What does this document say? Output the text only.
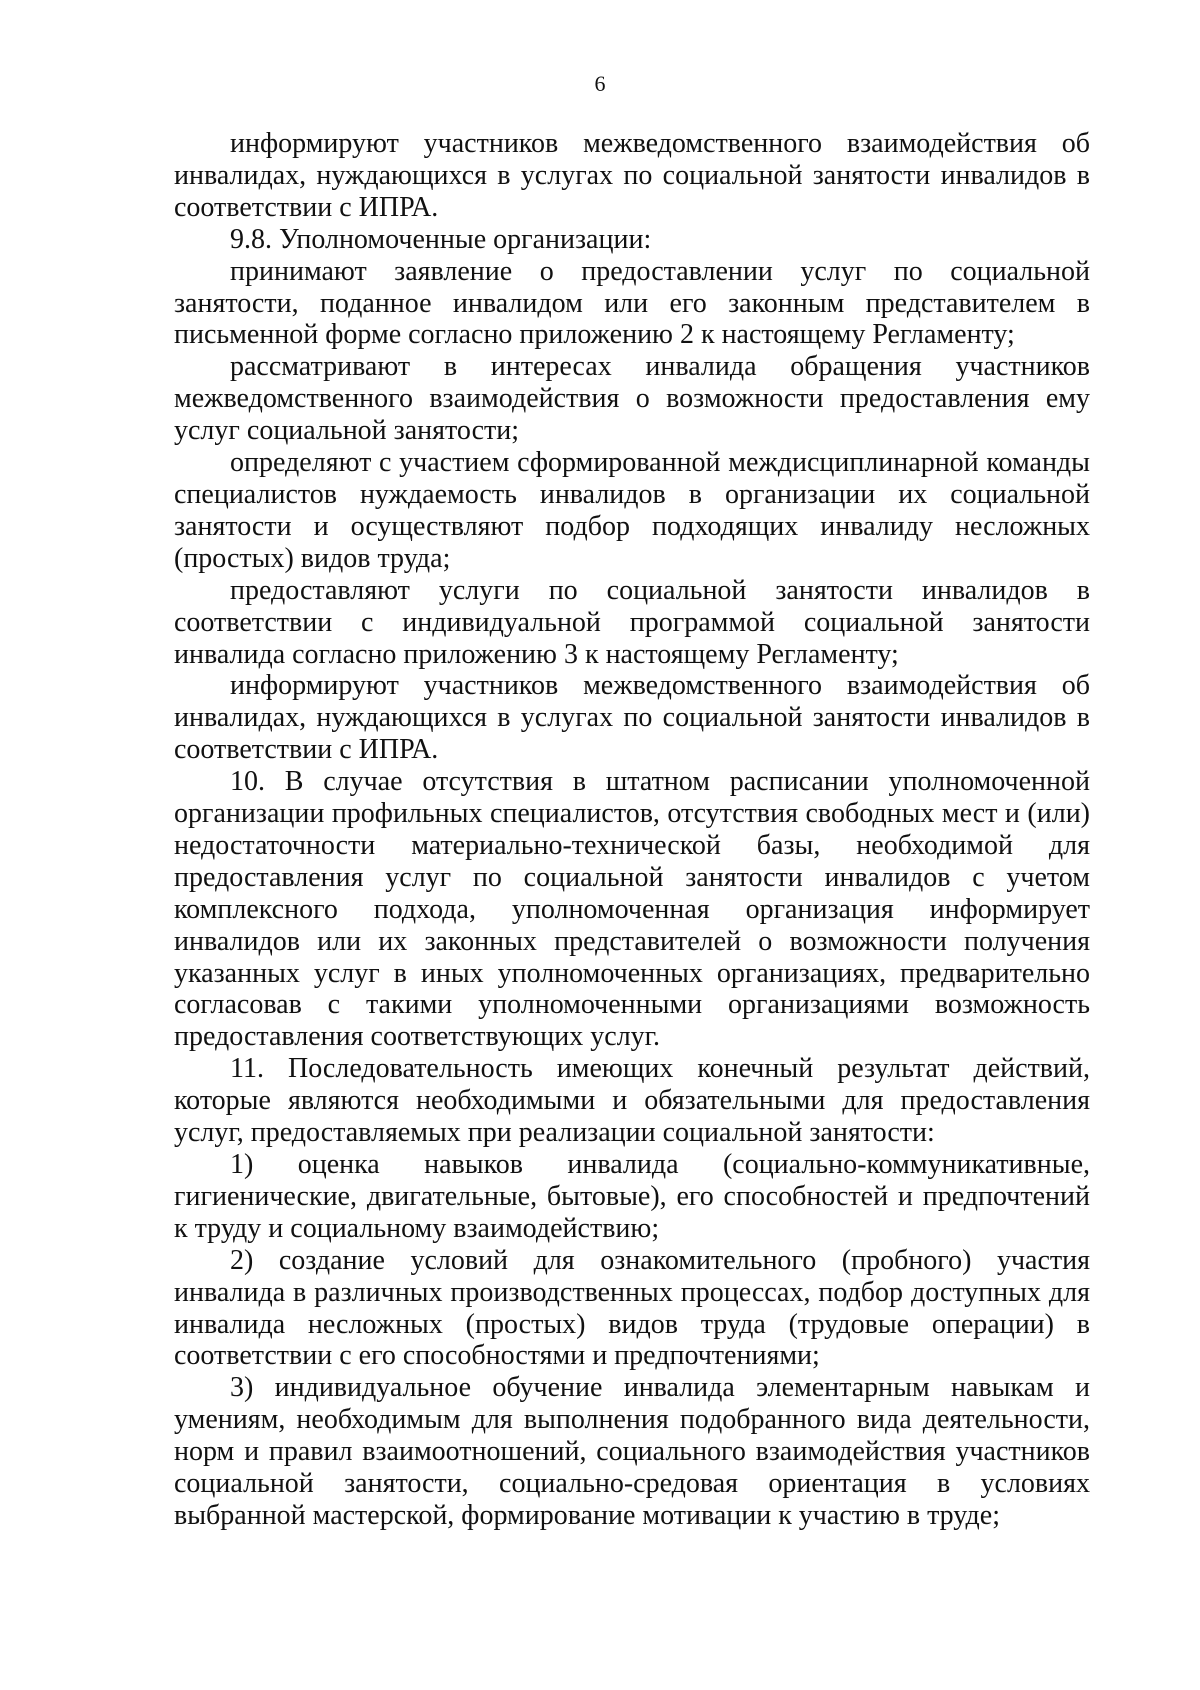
6

информируют участников межведомственного взаимодействия об инвалидах, нуждающихся в услугах по социальной занятости инвалидов в соответствии с ИПРА.

9.8. Уполномоченные организации:

принимают заявление о предоставлении услуг по социальной занятости, поданное инвалидом или его законным представителем в письменной форме согласно приложению 2 к настоящему Регламенту;

рассматривают в интересах инвалида обращения участников межведомственного взаимодействия о возможности предоставления ему услуг социальной занятости;

определяют с участием сформированной междисциплинарной команды специалистов нуждаемость инвалидов в организации их социальной занятости и осуществляют подбор подходящих инвалиду несложных (простых) видов труда;

предоставляют услуги по социальной занятости инвалидов в соответствии с индивидуальной программой социальной занятости инвалида согласно приложению 3 к настоящему Регламенту;

информируют участников межведомственного взаимодействия об инвалидах, нуждающихся в услугах по социальной занятости инвалидов в соответствии с ИПРА.

10. В случае отсутствия в штатном расписании уполномоченной организации профильных специалистов, отсутствия свободных мест и (или) недостаточности материально-технической базы, необходимой для предоставления услуг по социальной занятости инвалидов с учетом комплексного подхода, уполномоченная организация информирует инвалидов или их законных представителей о возможности получения указанных услуг в иных уполномоченных организациях, предварительно согласовав с такими уполномоченными организациями возможность предоставления соответствующих услуг.

11. Последовательность имеющих конечный результат действий, которые являются необходимыми и обязательными для предоставления услуг, предоставляемых при реализации социальной занятости:

1) оценка навыков инвалида (социально-коммуникативные, гигиенические, двигательные, бытовые), его способностей и предпочтений к труду и социальному взаимодействию;

2) создание условий для ознакомительного (пробного) участия инвалида в различных производственных процессах, подбор доступных для инвалида несложных (простых) видов труда (трудовые операции) в соответствии с его способностями и предпочтениями;

3) индивидуальное обучение инвалида элементарным навыкам и умениям, необходимым для выполнения подобранного вида деятельности, норм и правил взаимоотношений, социального взаимодействия участников социальной занятости, социально-средовая ориентация в условиях выбранной мастерской, формирование мотивации к участию в труде;
